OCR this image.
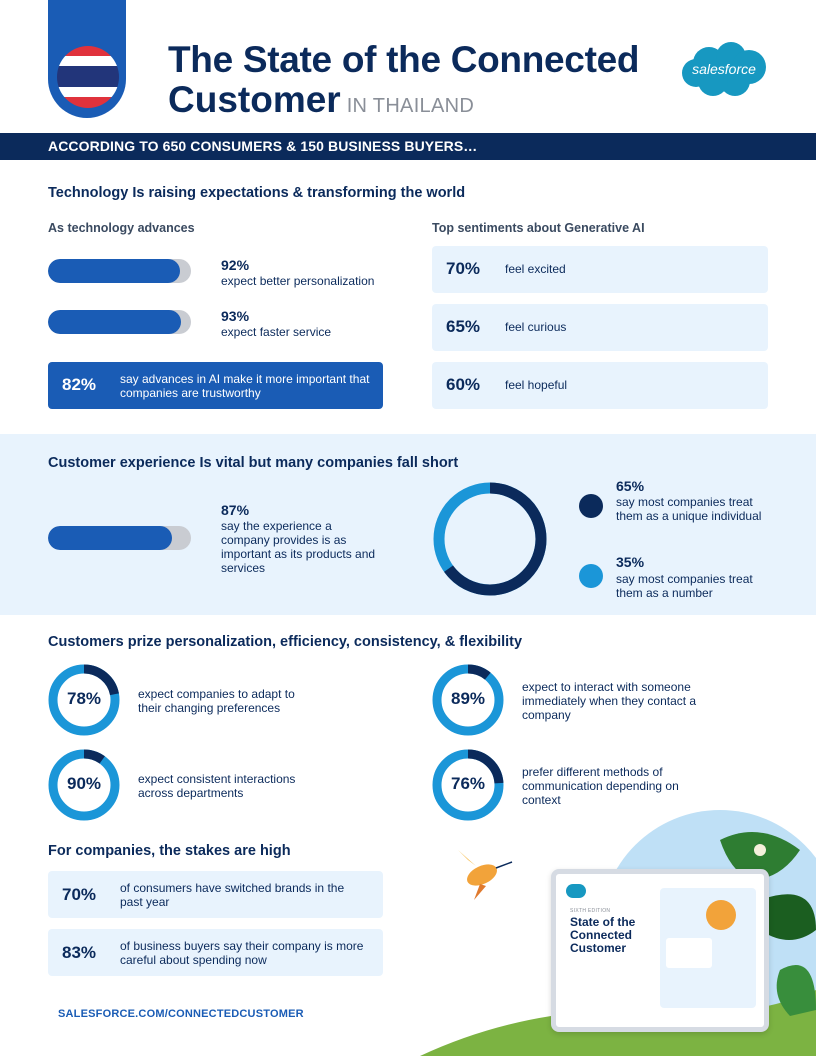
The State of the Connected
Customer IN THAILAND
salesforce
ACCORDING TO 650 CONSUMERS & 150 BUSINESS BUYERS…
Technology Is raising expectations & transforming the world
As technology advances
92%
expect better personalization
93%
expect faster service
82% say advances in AI make it more important that companies are trustworthy
Top sentiments about Generative AI
70% feel excited
65% feel curious
60% feel hopeful
Customer experience Is vital but many companies fall short
87%
say the experience a company provides is as important as its products and services
65%
say most companies treat them as a unique individual
35%
say most companies treat them as a number
Customers prize personalization, efficiency, consistency, & flexibility
78%	expect companies to adapt to their changing preferences	89%
expect to interact with someone immediately when they contact a company
90%	expect consistent interactions across departments	76%
prefer different methods of communication depending on context
For companies, the stakes are high
70% of consumers have switched brands in the past year
83% of business buyers say their company is more careful about spending now
SALESFORCE.COM/CONNECTEDCUSTOMER
SIXTH EDITION
State of the Connected Customer
